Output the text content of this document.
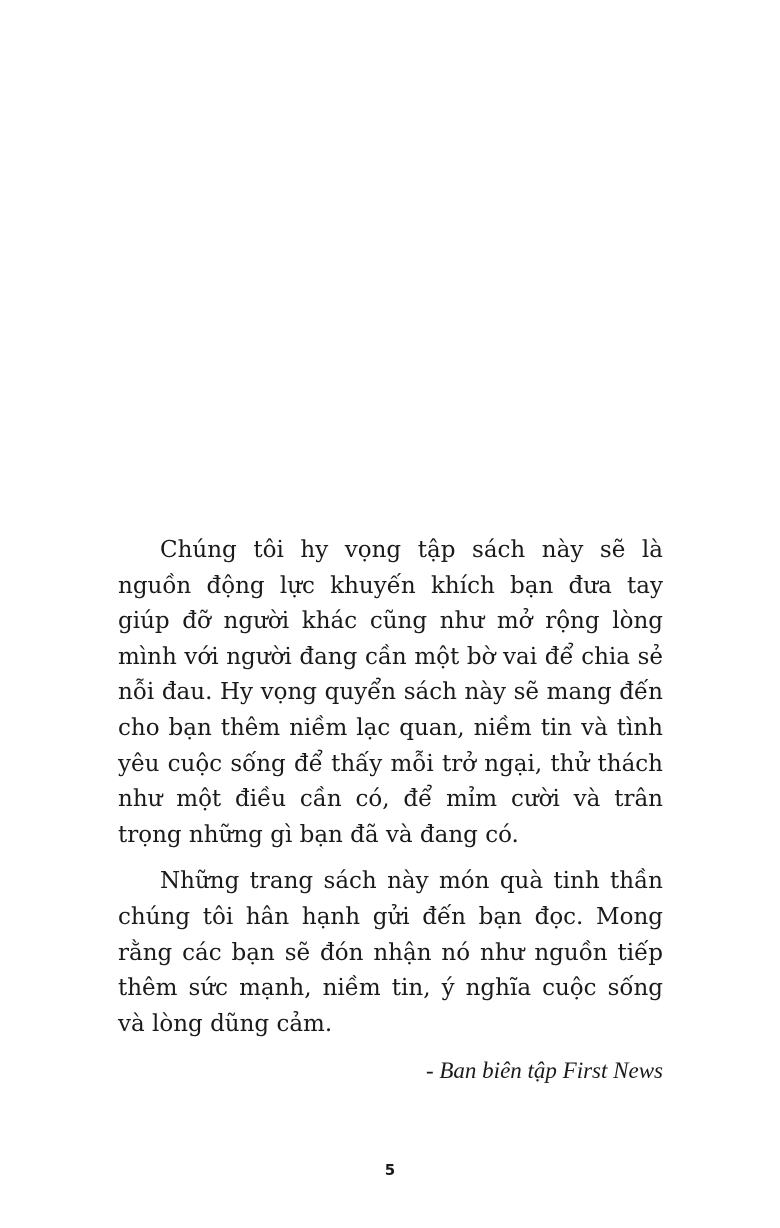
Chúng tôi hy vọng tập sách này sẽ là nguồn động lực khuyến khích bạn đưa tay giúp đỡ người khác cũng như mở rộng lòng mình với người đang cần một bờ vai để chia sẻ nỗi đau. Hy vọng quyển sách này sẽ mang đến cho bạn thêm niềm lạc quan, niềm tin và tình yêu cuộc sống để thấy mỗi trở ngại, thử thách như một điều cần có, để mỉm cười và trân trọng những gì bạn đã và đang có.

Những trang sách này món quà tinh thần chúng tôi hân hạnh gửi đến bạn đọc. Mong rằng các bạn sẽ đón nhận nó như nguồn tiếp thêm sức mạnh, niềm tin, ý nghĩa cuộc sống và lòng dũng cảm.

- Ban biên tập First News

5
